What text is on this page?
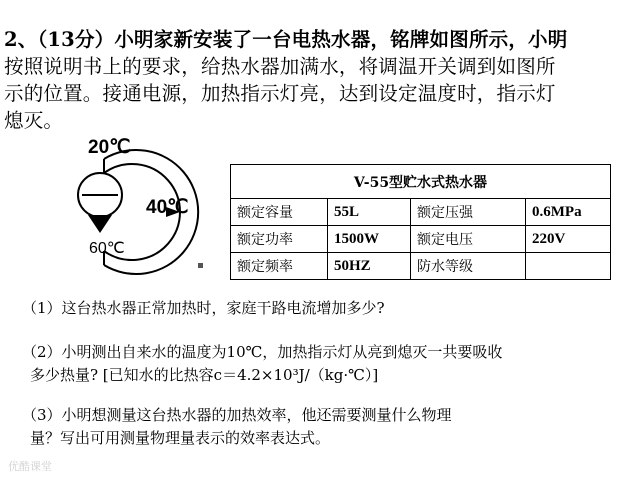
2、（13分）小明家新安装了一台电热水器，铭牌如图所示，小明
按照说明书上的要求，给热水器加满水，将调温开关调到如图所
示的位置。接通电源，加热指示灯亮，达到设定温度时，指示灯
熄灭。
20℃
40℃
60℃
V-55型贮水式热水器			
额定容量	55L	额定压强	0.6MPa
额定功率	1500W	额定电压	220V
额定频率	50HZ	防水等级	
（1）这台热水器正常加热时，家庭干路电流增加多少?
（2）小明测出自来水的温度为10℃，加热指示灯从亮到熄灭一共要吸收
多少热量? [已知水的比热容c＝4.2×10³J/（kg·℃）]
（3）小明想测量这台热水器的加热效率，他还需要测量什么物理
量？写出可用测量物理量表示的效率表达式。
优酷课堂
